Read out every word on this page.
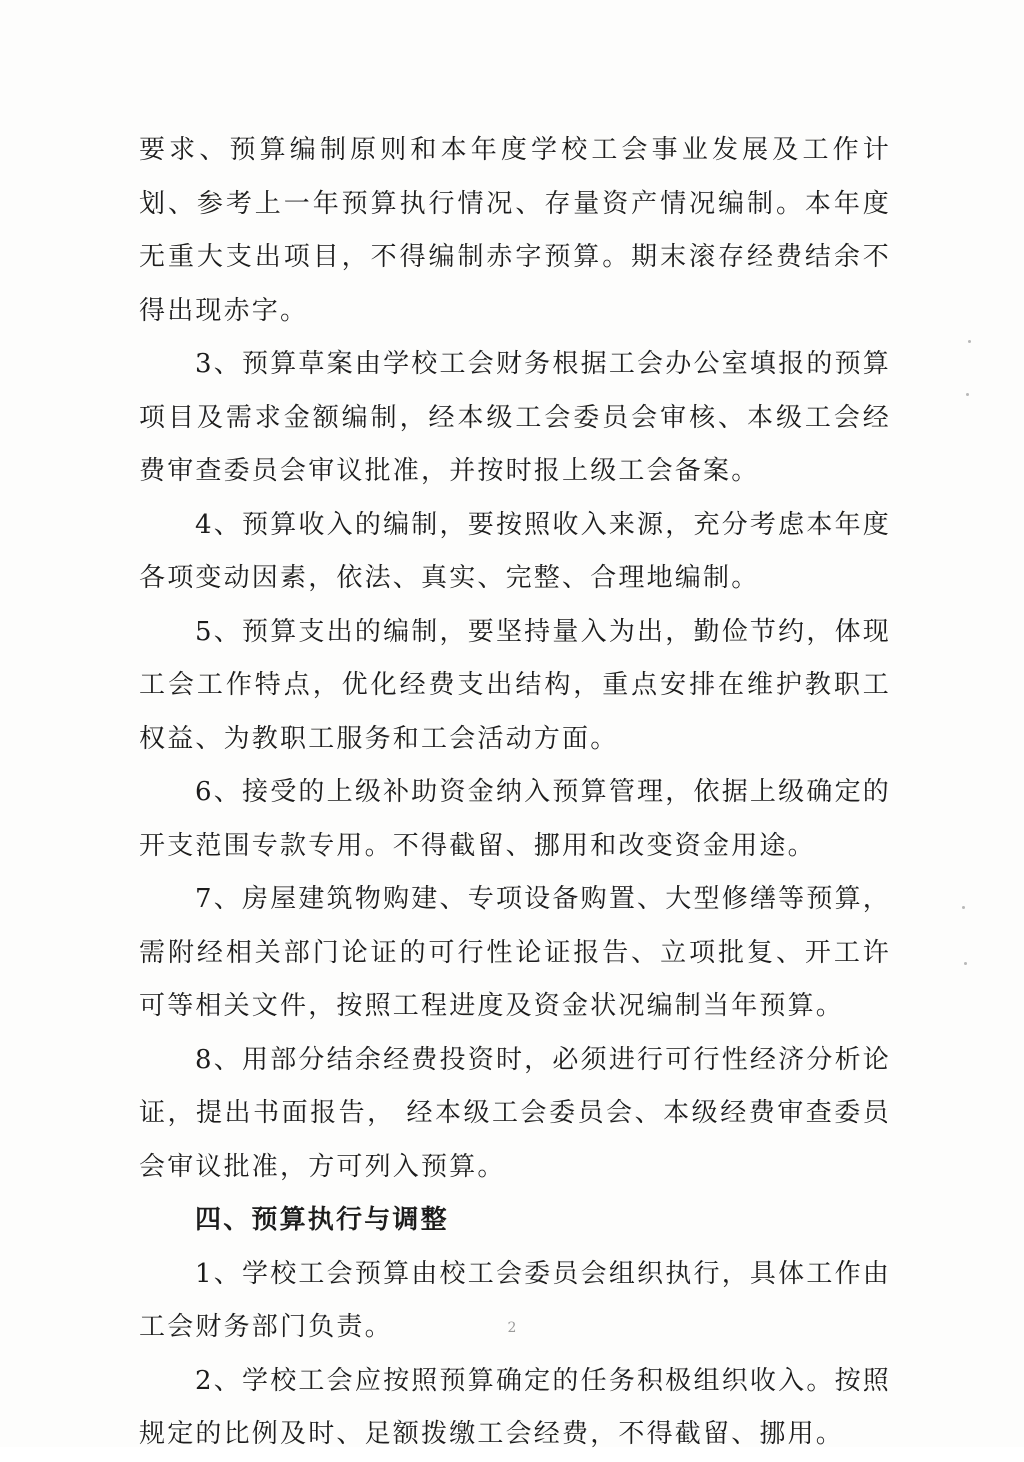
要求、预算编制原则和本年度学校工会事业发展及工作计划、参考上一年预算执行情况、存量资产情况编制。本年度无重大支出项目，不得编制赤字预算。期末滚存经费结余不得出现赤字。

3、预算草案由学校工会财务根据工会办公室填报的预算项目及需求金额编制，经本级工会委员会审核、本级工会经费审查委员会审议批准，并按时报上级工会备案。

4、预算收入的编制，要按照收入来源，充分考虑本年度各项变动因素，依法、真实、完整、合理地编制。

5、预算支出的编制，要坚持量入为出，勤俭节约，体现工会工作特点，优化经费支出结构，重点安排在维护教职工权益、为教职工服务和工会活动方面。

6、接受的上级补助资金纳入预算管理，依据上级确定的开支范围专款专用。不得截留、挪用和改变资金用途。

7、房屋建筑物购建、专项设备购置、大型修缮等预算，需附经相关部门论证的可行性论证报告、立项批复、开工许可等相关文件，按照工程进度及资金状况编制当年预算。

8、用部分结余经费投资时，必须进行可行性经济分析论证，提出书面报告， 经本级工会委员会、本级经费审查委员会审议批准，方可列入预算。

四、预算执行与调整

1、学校工会预算由校工会委员会组织执行，具体工作由工会财务部门负责。

2、学校工会应按照预算确定的任务积极组织收入。按照规定的比例及时、足额拨缴工会经费，不得截留、挪用。

2
